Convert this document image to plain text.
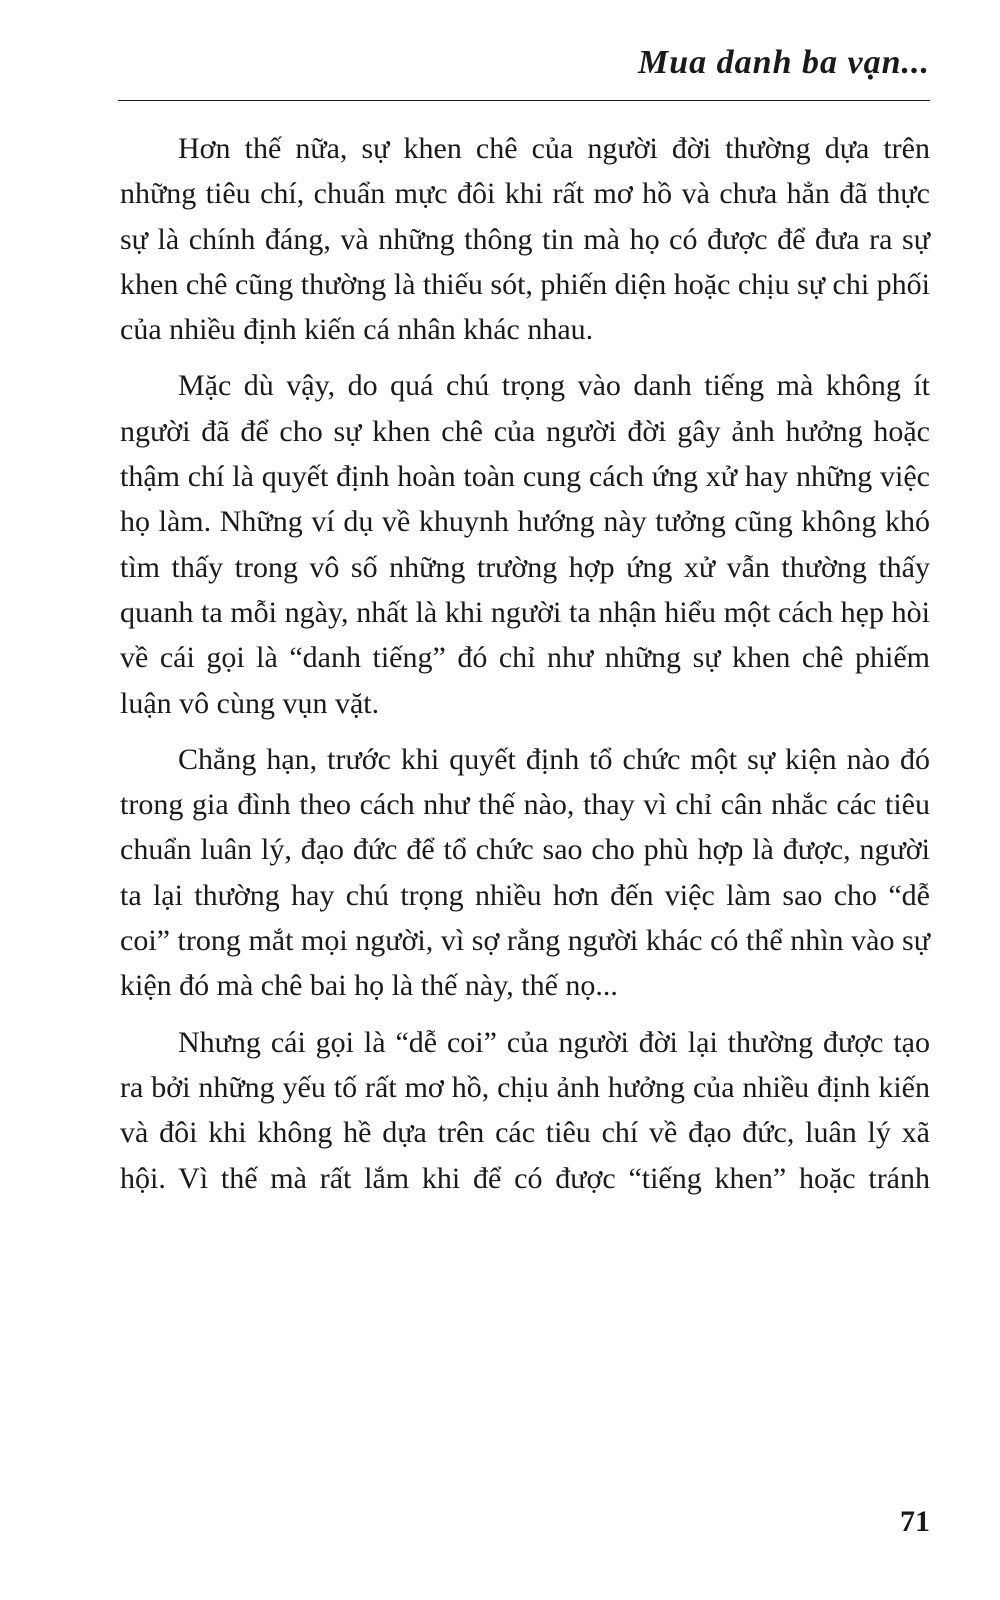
Mua danh ba vạn...

Hơn thế nữa, sự khen chê của người đời thường dựa trên những tiêu chí, chuẩn mực đôi khi rất mơ hồ và chưa hẳn đã thực sự là chính đáng, và những thông tin mà họ có được để đưa ra sự khen chê cũng thường là thiếu sót, phiến diện hoặc chịu sự chi phối của nhiều định kiến cá nhân khác nhau.

Mặc dù vậy, do quá chú trọng vào danh tiếng mà không ít người đã để cho sự khen chê của người đời gây ảnh hưởng hoặc thậm chí là quyết định hoàn toàn cung cách ứng xử hay những việc họ làm. Những ví dụ về khuynh hướng này tưởng cũng không khó tìm thấy trong vô số những trường hợp ứng xử vẫn thường thấy quanh ta mỗi ngày, nhất là khi người ta nhận hiểu một cách hẹp hòi về cái gọi là “danh tiếng” đó chỉ như những sự khen chê phiếm luận vô cùng vụn vặt.

Chẳng hạn, trước khi quyết định tổ chức một sự kiện nào đó trong gia đình theo cách như thế nào, thay vì chỉ cân nhắc các tiêu chuẩn luân lý, đạo đức để tổ chức sao cho phù hợp là được, người ta lại thường hay chú trọng nhiều hơn đến việc làm sao cho “dễ coi” trong mắt mọi người, vì sợ rằng người khác có thể nhìn vào sự kiện đó mà chê bai họ là thế này, thế nọ...

Nhưng cái gọi là “dễ coi” của người đời lại thường được tạo ra bởi những yếu tố rất mơ hồ, chịu ảnh hưởng của nhiều định kiến và đôi khi không hề dựa trên các tiêu chí về đạo đức, luân lý xã hội. Vì thế mà rất lắm khi để có được “tiếng khen” hoặc tránh

71
